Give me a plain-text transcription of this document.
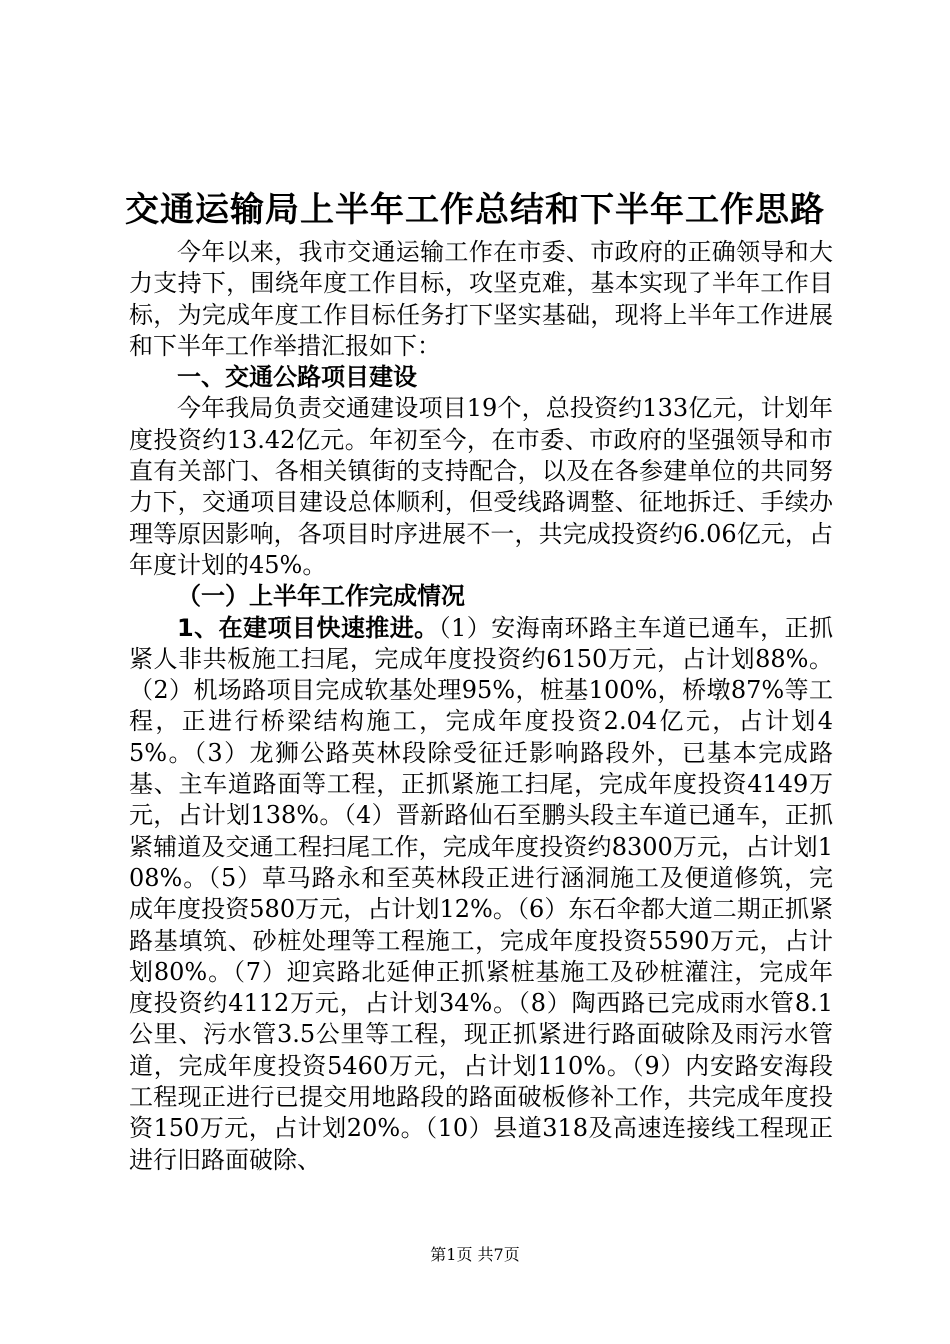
交通运输局上半年工作总结和下半年工作思路

今年以来，我市交通运输工作在市委、市政府的正确领导和大力支持下，围绕年度工作目标，攻坚克难，基本实现了半年工作目标，为完成年度工作目标任务打下坚实基础，现将上半年工作进展和下半年工作举措汇报如下：

一、交通公路项目建设

今年我局负责交通建设项目19个，总投资约133亿元，计划年度投资约13.42亿元。年初至今，在市委、市政府的坚强领导和市直有关部门、各相关镇街的支持配合，以及在各参建单位的共同努力下，交通项目建设总体顺利，但受线路调整、征地拆迁、手续办理等原因影响，各项目时序进展不一，共完成投资约6.06亿元，占年度计划的45%。

（一）上半年工作完成情况

1、在建项目快速推进。（1）安海南环路主车道已通车，正抓紧人非共板施工扫尾，完成年度投资约6150万元，占计划88%。（2）机场路项目完成软基处理95%，桩基100%，桥墩87%等工程，正进行桥梁结构施工，完成年度投资2.04亿元，占计划45%。（3）龙狮公路英林段除受征迁影响路段外，已基本完成路基、主车道路面等工程，正抓紧施工扫尾，完成年度投资4149万元，占计划138%。（4）晋新路仙石至鹏头段主车道已通车，正抓紧辅道及交通工程扫尾工作，完成年度投资约8300万元，占计划108%。（5）草马路永和至英林段正进行涵洞施工及便道修筑，完成年度投资580万元，占计划12%。（6）东石伞都大道二期正抓紧路基填筑、砂桩处理等工程施工，完成年度投资5590万元，占计划80%。（7）迎宾路北延伸正抓紧桩基施工及砂桩灌注，完成年度投资约4112万元，占计划34%。（8）陶西路已完成雨水管8.1公里、污水管3.5公里等工程，现正抓紧进行路面破除及雨污水管道，完成年度投资5460万元，占计划110%。（9）内安路安海段工程现正进行已提交用地路段的路面破板修补工作，共完成年度投资150万元，占计划20%。（10）县道318及高速连接线工程现正进行旧路面破除、

第1页 共7页
